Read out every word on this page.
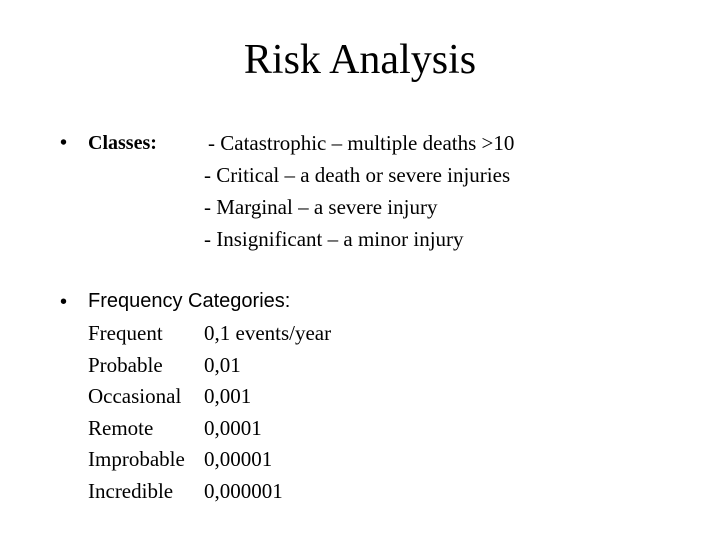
Risk Analysis
• Classes: - Catastrophic – multiple deaths >10
- Critical – a death or severe injuries
- Marginal – a severe injury
- Insignificant – a minor injury
• Frequency Categories:
Frequent 0,1 events/year
Probable 0,01
Occasional 0,001
Remote 0,0001
Improbable 0,00001
Incredible 0,000001
